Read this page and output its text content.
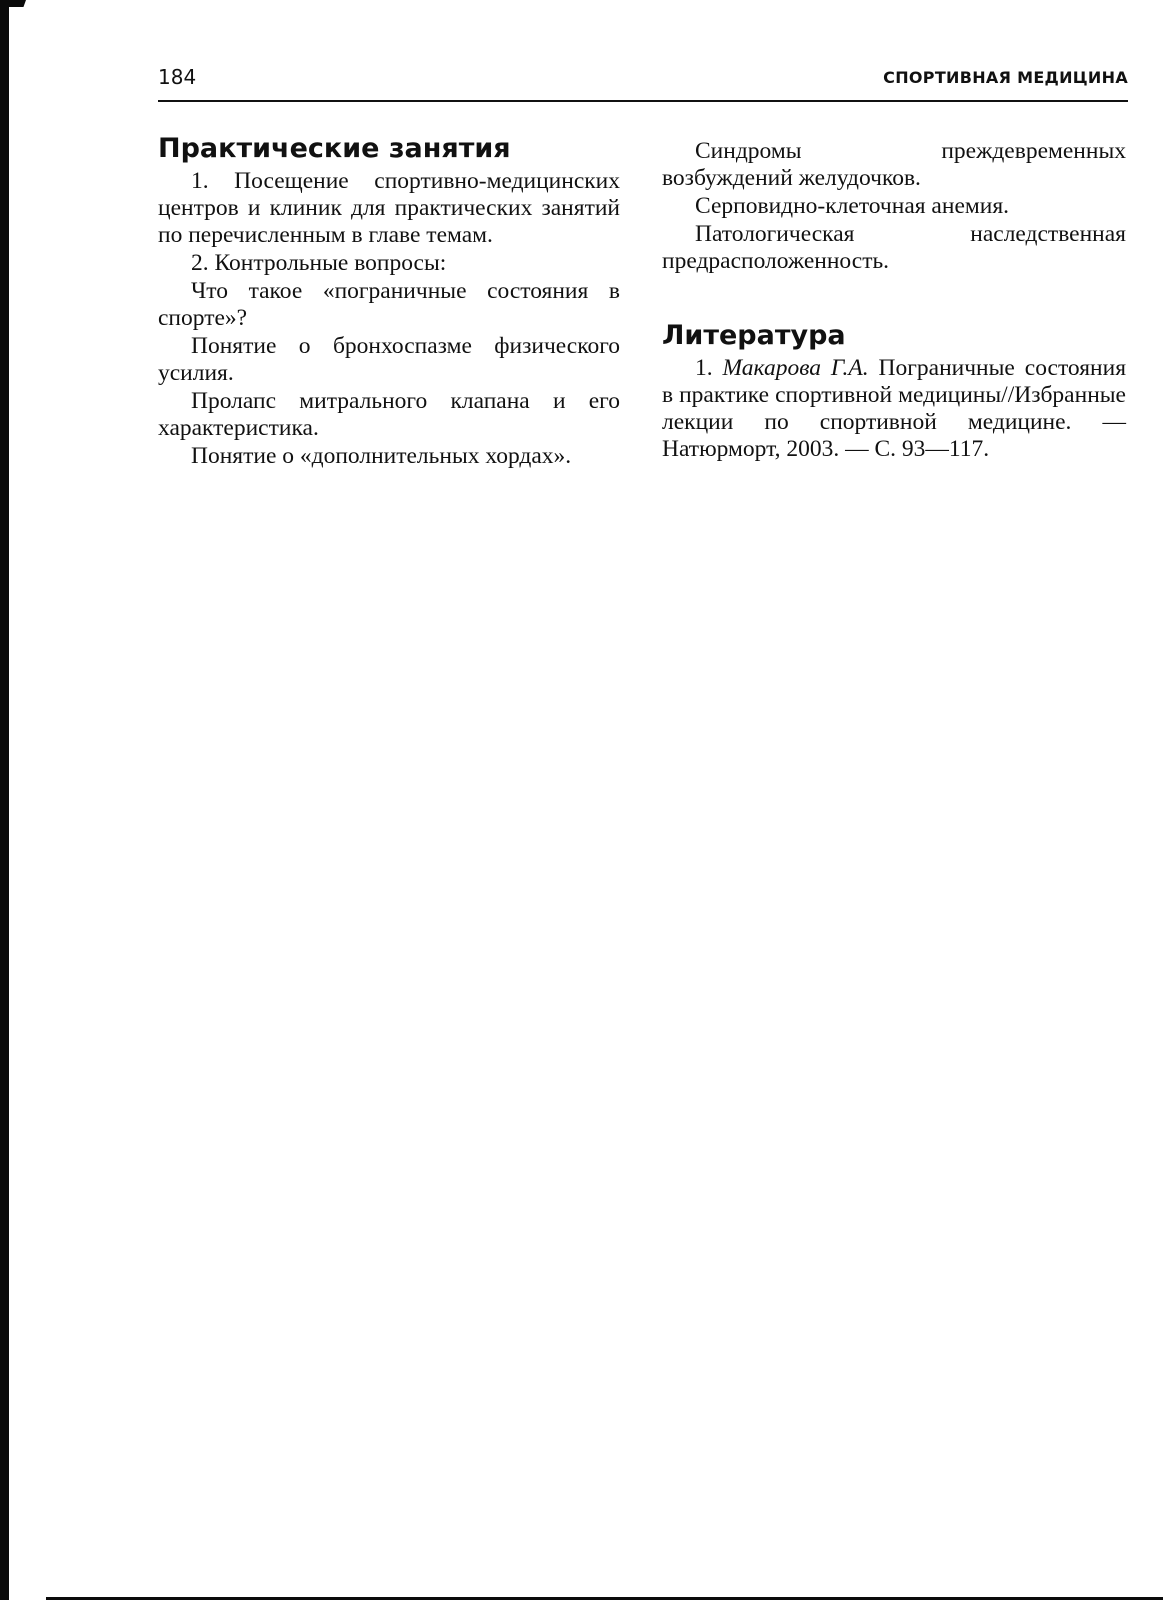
184	СПОРТИВНАЯ МЕДИЦИНА
Практические занятия

1. Посещение спортивно-медицинских центров и клиник для практических занятий по перечисленным в главе темам.

2. Контрольные вопросы:

Что такое «пограничные состояния в спорте»?

Понятие о бронхоспазме физического усилия.

Пролапс митрального клапана и его характеристика.

Понятие о «дополнительных хордах».

Синдромы преждевременных возбуждений желудочков.

Серповидно-клеточная анемия.

Патологическая наследственная предрасположенность.

Литература

1. Макарова Г.А. Пограничные состояния в практике спортивной медицины//Избранные лекции по спортивной медицине. — Натюрморт, 2003. — С. 93—117.
